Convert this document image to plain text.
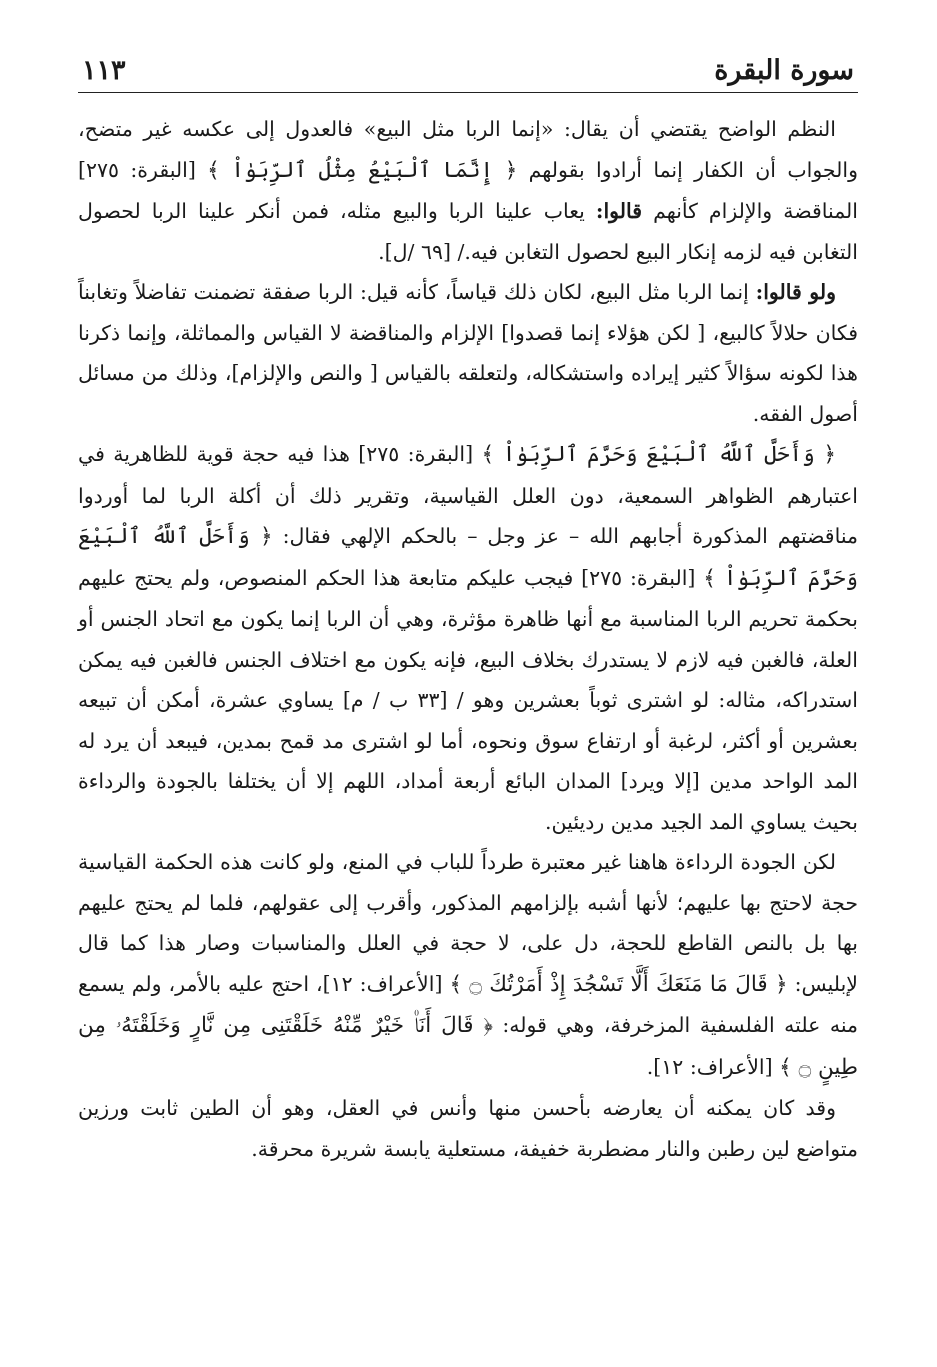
سورة البقرة
١١٣

النظم الواضح يقتضي أن يقال: «إنما الربا مثل البيع» فالعدول إلى عكسه غير متضح، والجواب أن الكفار إنما أرادوا بقولهم ﴿ إِنَّمَا ٱلْبَيْعُ مِثْلُ ٱلرِّبَوٰاْ ﴾ [البقرة: ٢٧٥] المناقضة والإلزام كأنهم قالوا: يعاب علينا الربا والبيع مثله، فمن أنكر علينا الربا لحصول التغابن فيه لزمه إنكار البيع لحصول التغابن فيه./ [٦٩ /ل].

ولو قالوا: إنما الربا مثل البيع، لكان ذلك قياساً، كأنه قيل: الربا صفقة تضمنت تفاضلاً وتغابناً فكان حلالاً كالبيع، [ لكن هؤلاء إنما قصدوا] الإلزام والمناقضة لا القياس والمماثلة، وإنما ذكرنا هذا لكونه سؤالاً كثير إيراده واستشكاله، ولتعلقه بالقياس [ والنص والإلزام]، وذلك من مسائل أصول الفقه.

﴿ وَأَحَلَّ ٱللَّهُ ٱلْبَيْعَ وَحَرَّمَ ٱلرِّبَوٰاْ ﴾ [البقرة: ٢٧٥] هذا فيه حجة قوية للظاهرية في اعتبارهم الظواهر السمعية، دون العلل القياسية، وتقرير ذلك أن أكلة الربا لما أوردوا مناقضتهم المذكورة أجابهم الله – عز وجل – بالحكم الإلهي فقال: ﴿ وَأَحَلَّ ٱللَّهُ ٱلْبَيْعَ وَحَرَّمَ ٱلرِّبَوٰاْ ﴾ [البقرة: ٢٧٥] فيجب عليكم متابعة هذا الحكم المنصوص، ولم يحتج عليهم بحكمة تحريم الربا المناسبة مع أنها ظاهرة مؤثرة، وهي أن الربا إنما يكون مع اتحاد الجنس أو العلة، فالغبن فيه لازم لا يستدرك بخلاف البيع، فإنه يكون مع اختلاف الجنس فالغبن فيه يمكن استدراكه، مثاله: لو اشترى ثوباً بعشرين وهو / [٣٣ ب / م] يساوي عشرة، أمكن أن تبيعه بعشرين أو أكثر، لرغبة أو ارتفاع سوق ونحوه، أما لو اشترى مد قمح بمدين، فيبعد أن يرد له المد الواحد مدين [إلا ويرد] المدان البائع أربعة أمداد، اللهم إلا أن يختلفا بالجودة والرداءة بحيث يساوي المد الجيد مدين رديئين.

لكن الجودة الرداءة هاهنا غير معتبرة طرداً للباب في المنع، ولو كانت هذه الحكمة القياسية حجة لاحتج بها عليهم؛ لأنها أشبه بإلزامهم المذكور، وأقرب إلى عقولهم، فلما لم يحتج عليهم بها بل بالنص القاطع للحجة، دل على، لا حجة في العلل والمناسبات وصار هذا كما قال لإبليس: ﴿ قَالَ مَا مَنَعَكَ أَلَّا تَسْجُدَ إِذْ أَمَرْتُكَ ۝ ﴾ [الأعراف: ١٢]، احتج عليه بالأمر، ولم يسمع منه علته الفلسفية المزخرفة، وهي قوله: ﴿ قَالَ أَنَا۠ خَيْرٌ مِّنْهُ خَلَقْتَنِى مِن نَّارٍ وَخَلَقْتَهُۥ مِن طِينٍ ۝ ﴾ [الأعراف: ١٢].

وقد كان يمكنه أن يعارضه بأحسن منها وأنس في العقل، وهو أن الطين ثابت ورزين متواضع لين رطبن والنار مضطربة خفيفة، مستعلية يابسة شريرة محرقة.
